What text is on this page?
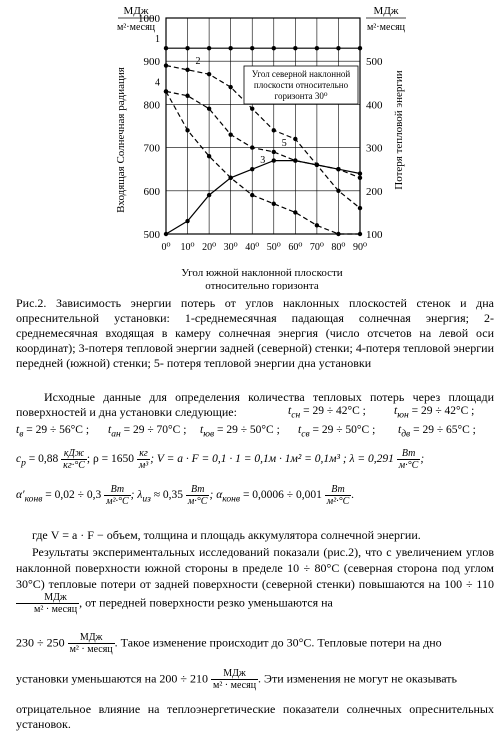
0⁰ 10⁰ 20⁰ 30⁰ 40⁰ 50⁰ 60⁰ 70⁰ 80⁰ 90⁰
500
600
700
800
900
1000
100
200
300
400
500
МДж
м²·месяц
МДж
м²·месяц
Входящая Солнечная радиация	Потеря тепловой энергии
Угол южной наклонной плоскости
относительно горизонта
Угол северной наклонной
плоскости относительно
горизонта 30⁰
1
2
3
4
5
Рис.2. Зависимость энергии потерь от углов наклонных плоскостей стенок и дна опреснительной установки: 1-среднемесячная падающая солнечная энергия; 2-среднемесячная входящая в камеру солнечная энергия (число отсчетов на левой оси координат); 3-потеря тепловой энергии задней (северной) стенки; 4-потеря тепловой энергии передней (южной) стенки; 5- потеря тепловой энергии дна установки
Исходные данные для определения количества тепловых потерь через площади поверхностей и дна установки следующие:	$t_{сн} = 29 \div 42^\circ C$ ; $t_{юн} = 29 \div 42^\circ C$ ;
$t_в = 29 \div 56^\circ C$ ; $t_{ан} = 29 \div 70^\circ C$ ; $t_{юв} = 29 \div 50^\circ C$ ; $t_{св} = 29 \div 50^\circ C$ ; $t_{дв} = 29 \div 65^\circ C$ ;
$c_p = 0,88 \frac{\text{кДж}}{кг\cdot^\circ C}$ ; $\rho = 1650 \frac{кг}{\text{м³}}$ ; V = a · F = 0,1 · 1 = 0,1м · 1м² = 0,1м³ ; $\lambda = 0,291 \frac{Вт}{м\cdot^\circ C}$ ;
$\alpha'_{конв} = 0,02 \div 0,3 \frac{Вт}{\text{м²·°C}}$ ; $\lambda_{из} \approx 0,35 \frac{Вт}{м\cdot^\circ C}$ ; $\alpha_{конв} = 0,0006 \div 0,001 \frac{Вт}{\text{м²·°C}}$ .
где V = a · F − объем, толщина и площадь аккумулятора солнечной энергии.
Результаты экспериментальных исследований показали (рис.2), что с увеличением углов наклонной поверхности южной стороны в пределе 10 ÷ 80°C (северная сторона под углом 30°C) тепловые потери от задней поверхности (северной стенки) повышаются на 100 ÷ 110
$\frac{\text{МДж}}{\text{м² · месяц}}$ , от передней поверхности резко уменьшаются на
$230 \div 250 \frac{\text{МДж}}{\text{м² · месяц}}$ . Такое изменение происходит до 30°C. Тепловые потери на дно
установки уменьшаются на $200 \div 210 \frac{\text{МДж}}{\text{м² · месяц}}$ . Эти изменения не могут не оказывать
отрицательное влияние на теплоэнергетические показатели солнечных опреснительных установок.
